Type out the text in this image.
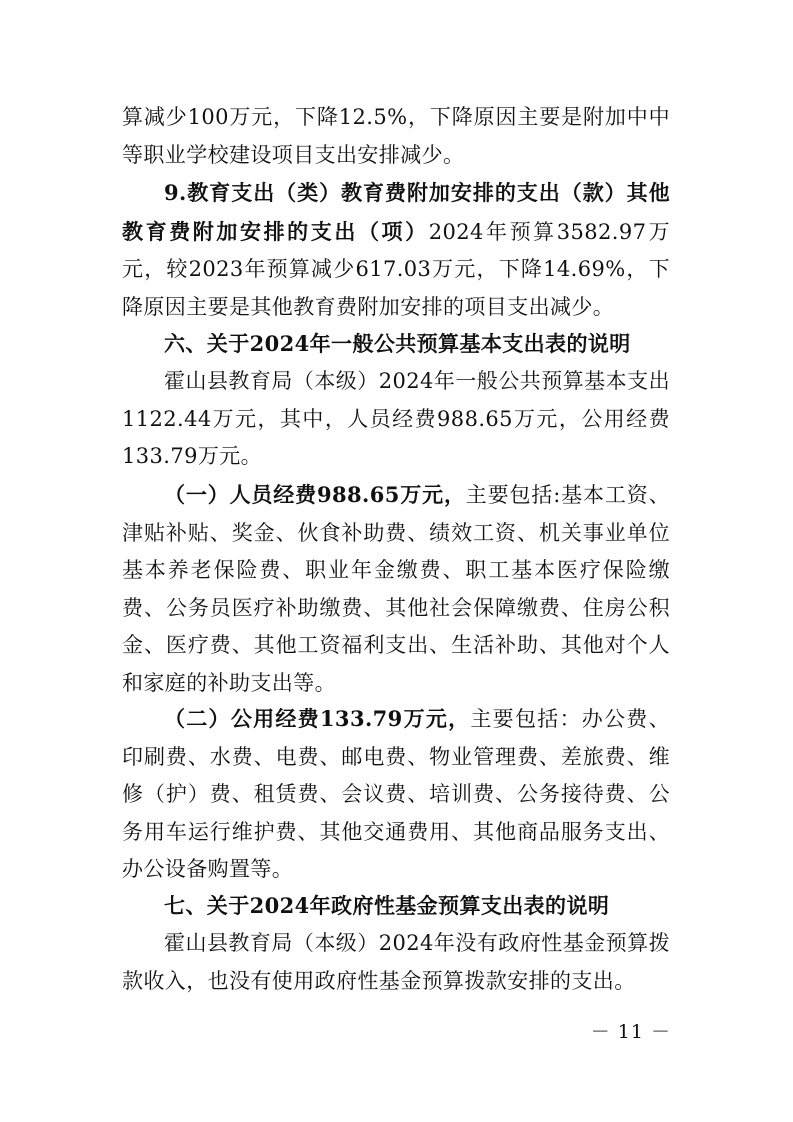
算减少100万元，下降12.5%，下降原因主要是附加中中等职业学校建设项目支出安排减少。

9.教育支出（类）教育费附加安排的支出（款）其他教育费附加安排的支出（项）2024年预算3582.97万元，较2023年预算减少617.03万元，下降14.69%，下降原因主要是其他教育费附加安排的项目支出减少。

六、关于2024年一般公共预算基本支出表的说明

霍山县教育局（本级）2024年一般公共预算基本支出1122.44万元，其中，人员经费988.65万元，公用经费133.79万元。

（一）人员经费988.65万元，主要包括:基本工资、津贴补贴、奖金、伙食补助费、绩效工资、机关事业单位基本养老保险费、职业年金缴费、职工基本医疗保险缴费、公务员医疗补助缴费、其他社会保障缴费、住房公积金、医疗费、其他工资福利支出、生活补助、其他对个人和家庭的补助支出等。

（二）公用经费133.79万元，主要包括：办公费、印刷费、水费、电费、邮电费、物业管理费、差旅费、维修（护）费、租赁费、会议费、培训费、公务接待费、公务用车运行维护费、其他交通费用、其他商品服务支出、办公设备购置等。

七、关于2024年政府性基金预算支出表的说明

霍山县教育局（本级）2024年没有政府性基金预算拨款收入，也没有使用政府性基金预算拨款安排的支出。

－ 11 －
